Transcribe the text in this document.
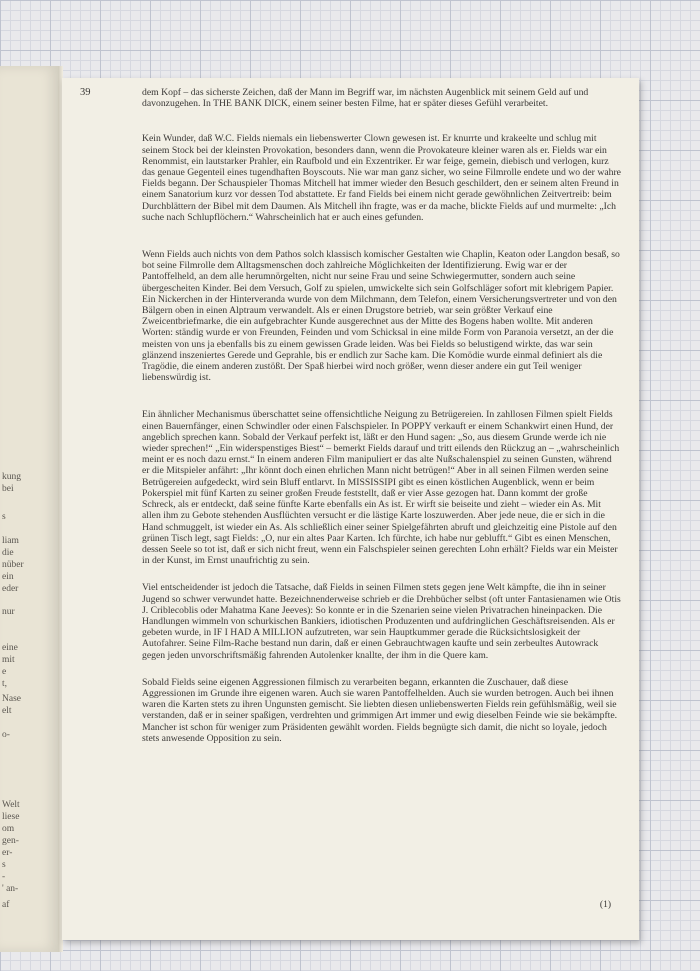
kung
bei
s
liam
die
nüber
ein
eder
nur
eine
mit
e
t,
Nase
elt
o-
Welt
liese
om
gen-
er-
s
-
' an-
af
39	dem Kopf – das sicherste Zeichen, daß der Mann im Begriff war, im nächsten Augenblick mit seinem Geld auf und davonzugehen. In THE BANK DICK, einem seiner besten Filme, hat er später dieses Gefühl verarbeitet.

Kein Wunder, daß W.C. Fields niemals ein liebenswerter Clown gewesen ist. Er knurrte und krakeelte und schlug mit seinem Stock bei der kleinsten Provokation, besonders dann, wenn die Provokateure kleiner waren als er. Fields war ein Renommist, ein lautstarker Prahler, ein Raufbold und ein Exzentriker. Er war feige, gemein, diebisch und verlogen, kurz das genaue Gegenteil eines tugendhaften Boyscouts. Nie war man ganz sicher, wo seine Filmrolle endete und wo der wahre Fields begann. Der Schauspieler Thomas Mitchell hat immer wieder den Besuch geschildert, den er seinem alten Freund in einem Sanatorium kurz vor dessen Tod abstattete. Er fand Fields bei einem nicht gerade gewöhnlichen Zeitvertreib: beim Durchblättern der Bibel mit dem Daumen. Als Mitchell ihn fragte, was er da mache, blickte Fields auf und murmelte: „Ich suche nach Schlupflöchern.“ Wahrscheinlich hat er auch eines gefunden.

Wenn Fields auch nichts von dem Pathos solch klassisch komischer Gestalten wie Chaplin, Keaton oder Langdon besaß, so bot seine Filmrolle dem Alltagsmenschen doch zahlreiche Möglichkeiten der Identifizierung. Ewig war er der Pantoffelheld, an dem alle herumnörgelten, nicht nur seine Frau und seine Schwiegermutter, sondern auch seine übergescheiten Kinder. Bei dem Versuch, Golf zu spielen, umwickelte sich sein Golfschläger sofort mit klebrigem Papier. Ein Nickerchen in der Hinterveranda wurde von dem Milchmann, dem Telefon, einem Versicherungsvertreter und von den Bälgern oben in einen Alptraum verwandelt. Als er einen Drugstore betrieb, war sein größter Verkauf eine Zweicentbriefmarke, die ein aufgebrachter Kunde ausgerechnet aus der Mitte des Bogens haben wollte. Mit anderen Worten: ständig wurde er von Freunden, Feinden und vom Schicksal in eine milde Form von Paranoia versetzt, an der die meisten von uns ja ebenfalls bis zu einem gewissen Grade leiden. Was bei Fields so belustigend wirkte, das war sein glänzend inszeniertes Gerede und Geprahle, bis er endlich zur Sache kam. Die Komödie wurde einmal definiert als die Tragödie, die einem anderen zustößt. Der Spaß hierbei wird noch größer, wenn dieser andere ein gut Teil weniger liebenswürdig ist.

Ein ähnlicher Mechanismus überschattet seine offensichtliche Neigung zu Betrügereien. In zahllosen Filmen spielt Fields einen Bauernfänger, einen Schwindler oder einen Falschspieler. In POPPY verkauft er einem Schankwirt einen Hund, der angeblich sprechen kann. Sobald der Verkauf perfekt ist, läßt er den Hund sagen: „So, aus diesem Grunde werde ich nie wieder sprechen!“ „Ein widerspenstiges Biest“ – bemerkt Fields darauf und tritt eilends den Rückzug an – „wahrscheinlich meint er es noch dazu ernst.“ In einem anderen Film manipuliert er das alte Nußschalenspiel zu seinen Gunsten, während er die Mitspieler anfährt: „Ihr könnt doch einen ehrlichen Mann nicht betrügen!“ Aber in all seinen Filmen werden seine Betrügereien aufgedeckt, wird sein Bluff entlarvt. In MISSISSIPI gibt es einen köstlichen Augenblick, wenn er beim Pokerspiel mit fünf Karten zu seiner großen Freude feststellt, daß er vier Asse gezogen hat. Dann kommt der große Schreck, als er entdeckt, daß seine fünfte Karte ebenfalls ein As ist. Er wirft sie beiseite und zieht – wieder ein As. Mit allen ihm zu Gebote stehenden Ausflüchten versucht er die lästige Karte loszuwerden. Aber jede neue, die er sich in die Hand schmuggelt, ist wieder ein As. Als schließlich einer seiner Spielgefährten abruft und gleichzeitig eine Pistole auf den grünen Tisch legt, sagt Fields: „O, nur ein altes Paar Karten. Ich fürchte, ich habe nur geblufft.“ Gibt es einen Menschen, dessen Seele so tot ist, daß er sich nicht freut, wenn ein Falschspieler seinen gerechten Lohn erhält? Fields war ein Meister in der Kunst, im Ernst unaufrichtig zu sein.

Viel entscheidender ist jedoch die Tatsache, daß Fields in seinen Filmen stets gegen jene Welt kämpfte, die ihn in seiner Jugend so schwer verwundet hatte. Bezeichnenderweise schrieb er die Drehbücher selbst (oft unter Fantasienamen wie Otis J. Criblecoblis oder Mahatma Kane Jeeves): So konnte er in die Szenarien seine vielen Privatrachen hineinpacken. Die Handlungen wimmeln von schurkischen Bankiers, idiotischen Produzenten und aufdringlichen Geschäftsreisenden. Als er gebeten wurde, in IF I HAD A MILLION aufzutreten, war sein Hauptkummer gerade die Rücksichtslosigkeit der Autofahrer. Seine Film-Rache bestand nun darin, daß er einen Gebrauchtwagen kaufte und sein zerbeultes Autowrack gegen jeden unvorschriftsmäßig fahrenden Autolenker knallte, der ihm in die Quere kam.

Sobald Fields seine eigenen Aggressionen filmisch zu verarbeiten begann, erkannten die Zuschauer, daß diese Aggressionen im Grunde ihre eigenen waren. Auch sie waren Pantoffelhelden. Auch sie wurden betrogen. Auch bei ihnen waren die Karten stets zu ihren Ungunsten gemischt. Sie liebten diesen unliebenswerten Fields rein gefühlsmäßig, weil sie verstanden, daß er in seiner spaßigen, verdrehten und grimmigen Art immer und ewig dieselben Feinde wie sie bekämpfte. Mancher ist schon für weniger zum Präsidenten gewählt worden. Fields begnügte sich damit, die nicht so loyale, jedoch stets anwesende Opposition zu sein.

(1)
